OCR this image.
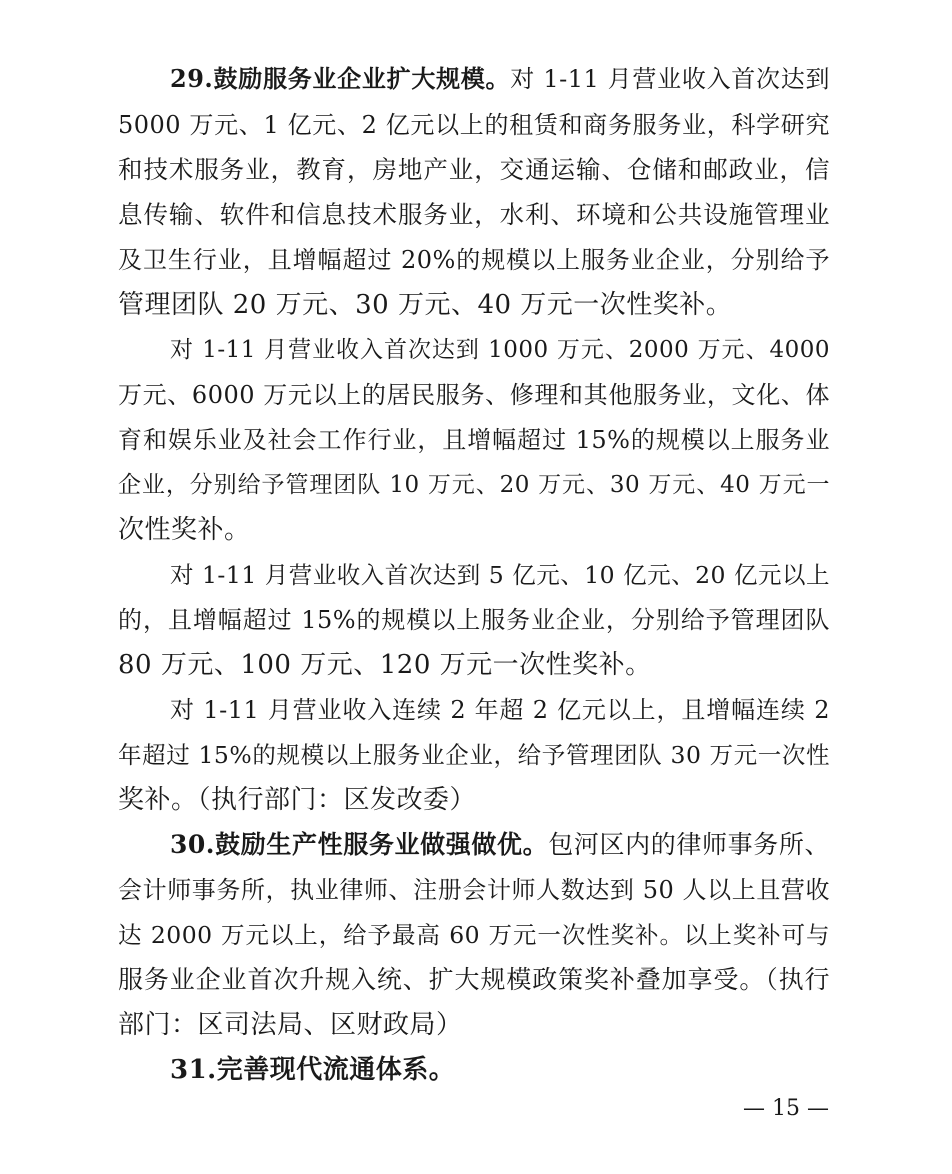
29.鼓励服务业企业扩大规模。对 1-11 月营业收入首次达到
5000 万元、1 亿元、2 亿元以上的租赁和商务服务业，科学研究
和技术服务业，教育，房地产业，交通运输、仓储和邮政业，信
息传输、软件和信息技术服务业，水利、环境和公共设施管理业
及卫生行业，且增幅超过 20%的规模以上服务业企业，分别给予
管理团队 20 万元、30 万元、40 万元一次性奖补。
对 1-11 月营业收入首次达到 1000 万元、2000 万元、4000
万元、6000 万元以上的居民服务、修理和其他服务业，文化、体
育和娱乐业及社会工作行业，且增幅超过 15%的规模以上服务业
企业，分别给予管理团队 10 万元、20 万元、30 万元、40 万元一
次性奖补。
对 1-11 月营业收入首次达到 5 亿元、10 亿元、20 亿元以上
的，且增幅超过 15%的规模以上服务业企业，分别给予管理团队
80 万元、100 万元、120 万元一次性奖补。
对 1-11 月营业收入连续 2 年超 2 亿元以上，且增幅连续 2
年超过 15%的规模以上服务业企业，给予管理团队 30 万元一次性
奖补。（执行部门：区发改委）
30.鼓励生产性服务业做强做优。包河区内的律师事务所、
会计师事务所，执业律师、注册会计师人数达到 50 人以上且营收
达 2000 万元以上，给予最高 60 万元一次性奖补。以上奖补可与
服务业企业首次升规入统、扩大规模政策奖补叠加享受。（执行
部门：区司法局、区财政局）
31.完善现代流通体系。
— 15 —
